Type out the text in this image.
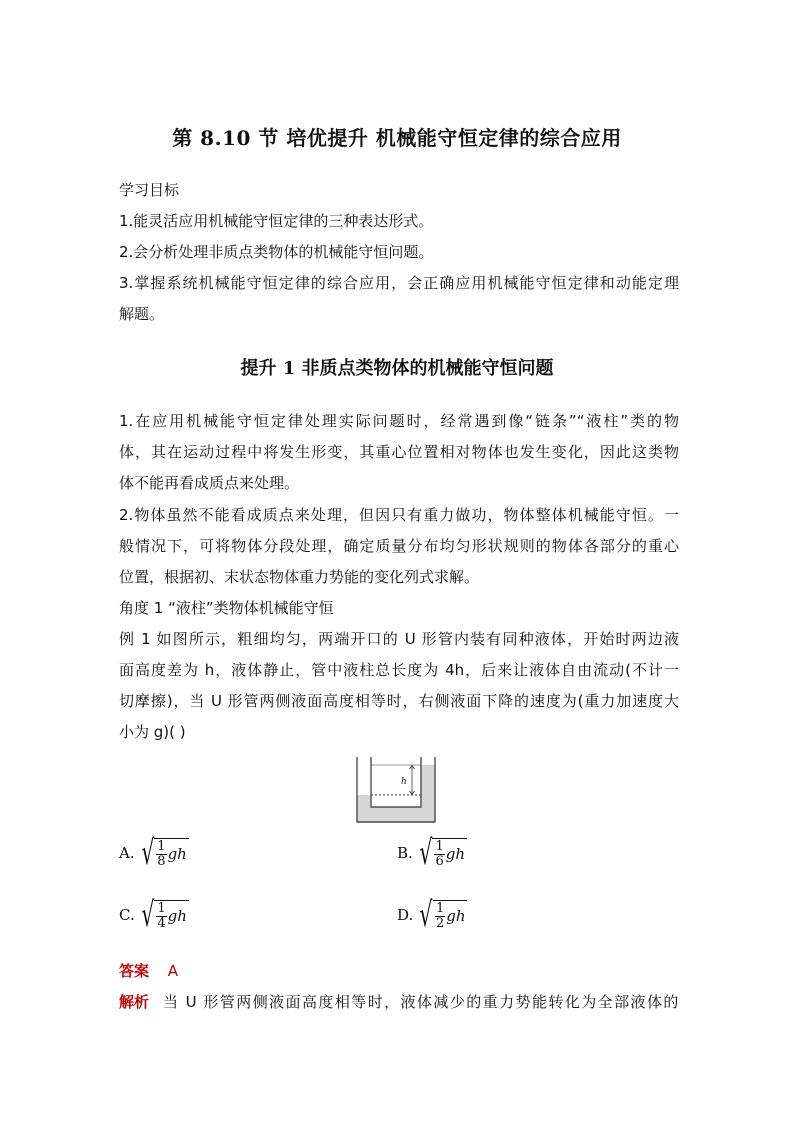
第 8.10 节 培优提升 机械能守恒定律的综合应用
学习目标
1.能灵活应用机械能守恒定律的三种表达形式。
2.会分析处理非质点类物体的机械能守恒问题。
3.掌握系统机械能守恒定律的综合应用，会正确应用机械能守恒定律和动能定理
解题。
提升 1 非质点类物体的机械能守恒问题
1.在应用机械能守恒定律处理实际问题时，经常遇到像“链条”“液柱”类的物
体，其在运动过程中将发生形变，其重心位置相对物体也发生变化，因此这类物
体不能再看成质点来处理。
2.物体虽然不能看成质点来处理，但因只有重力做功，物体整体机械能守恒。一
般情况下，可将物体分段处理，确定质量分布均匀形状规则的物体各部分的重心
位置，根据初、末状态物体重力势能的变化列式求解。
角度 1 “液柱”类物体机械能守恒
例 1 如图所示，粗细均匀，两端开口的 U 形管内装有同种液体，开始时两边液
面高度差为 h，液体静止，管中液柱总长度为 4h，后来让液体自由流动(不计一
切摩擦)，当 U 形管两侧液面高度相等时，右侧液面下降的速度为(重力加速度大
小为 g)( )
h
A. √ $\frac{1}{8}$ gh	B. √ $\frac{1}{6}$ gh
C. √ $\frac{1}{4}$ gh	D. √ $\frac{1}{2}$ gh
答案 A
解析 当 U 形管两侧液面高度相等时，液体减少的重力势能转化为全部液体的
